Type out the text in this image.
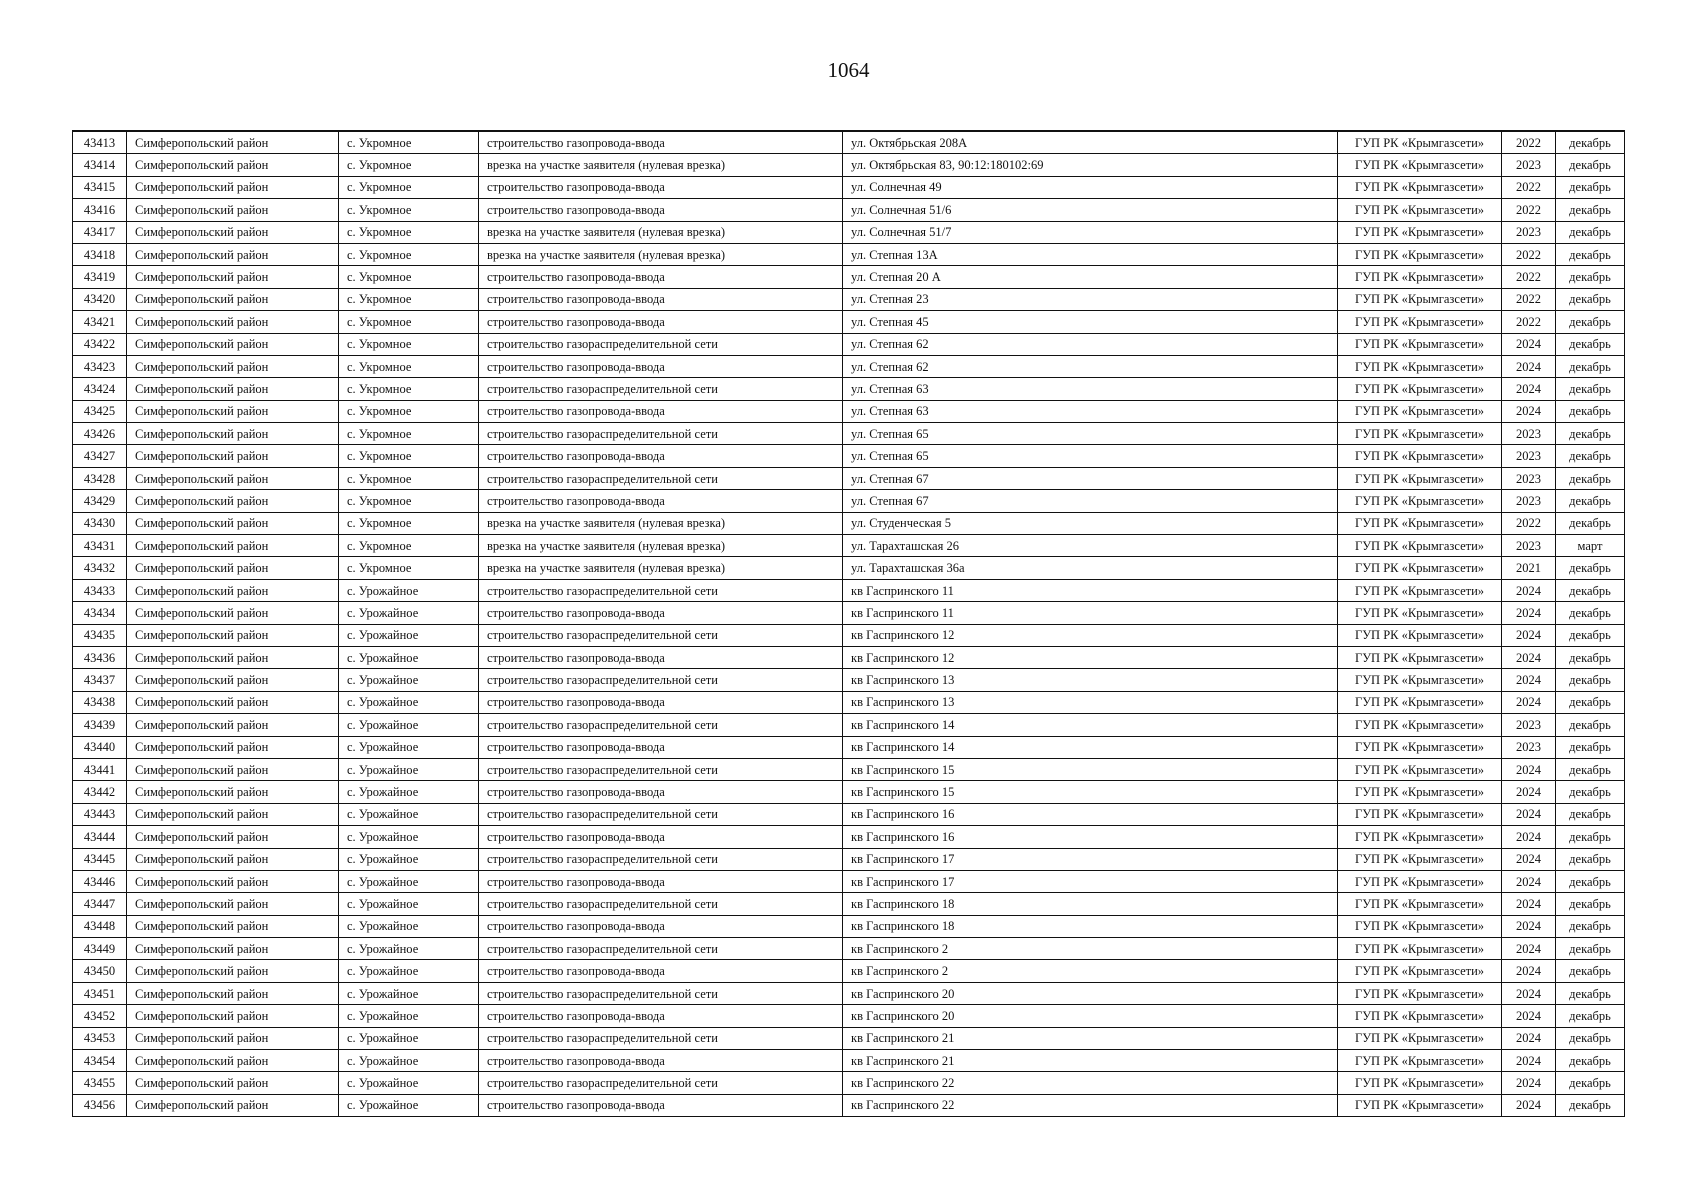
1064
43413	Симферопольский район	с. Укромное	строительство газопровода-ввода	ул. Октябрьская 208А	ГУП РК «Крымгазсети»	2022	декабрь
43414	Симферопольский район	с. Укромное	врезка на участке заявителя (нулевая врезка)	ул. Октябрьская 83, 90:12:180102:69	ГУП РК «Крымгазсети»	2023	декабрь
43415	Симферопольский район	с. Укромное	строительство газопровода-ввода	ул. Солнечная 49	ГУП РК «Крымгазсети»	2022	декабрь
43416	Симферопольский район	с. Укромное	строительство газопровода-ввода	ул. Солнечная 51/6	ГУП РК «Крымгазсети»	2022	декабрь
43417	Симферопольский район	с. Укромное	врезка на участке заявителя (нулевая врезка)	ул. Солнечная 51/7	ГУП РК «Крымгазсети»	2023	декабрь
43418	Симферопольский район	с. Укромное	врезка на участке заявителя (нулевая врезка)	ул. Степная 13А	ГУП РК «Крымгазсети»	2022	декабрь
43419	Симферопольский район	с. Укромное	строительство газопровода-ввода	ул. Степная 20 А	ГУП РК «Крымгазсети»	2022	декабрь
43420	Симферопольский район	с. Укромное	строительство газопровода-ввода	ул. Степная 23	ГУП РК «Крымгазсети»	2022	декабрь
43421	Симферопольский район	с. Укромное	строительство газопровода-ввода	ул. Степная 45	ГУП РК «Крымгазсети»	2022	декабрь
43422	Симферопольский район	с. Укромное	строительство газораспределительной сети	ул. Степная 62	ГУП РК «Крымгазсети»	2024	декабрь
43423	Симферопольский район	с. Укромное	строительство газопровода-ввода	ул. Степная 62	ГУП РК «Крымгазсети»	2024	декабрь
43424	Симферопольский район	с. Укромное	строительство газораспределительной сети	ул. Степная 63	ГУП РК «Крымгазсети»	2024	декабрь
43425	Симферопольский район	с. Укромное	строительство газопровода-ввода	ул. Степная 63	ГУП РК «Крымгазсети»	2024	декабрь
43426	Симферопольский район	с. Укромное	строительство газораспределительной сети	ул. Степная 65	ГУП РК «Крымгазсети»	2023	декабрь
43427	Симферопольский район	с. Укромное	строительство газопровода-ввода	ул. Степная 65	ГУП РК «Крымгазсети»	2023	декабрь
43428	Симферопольский район	с. Укромное	строительство газораспределительной сети	ул. Степная 67	ГУП РК «Крымгазсети»	2023	декабрь
43429	Симферопольский район	с. Укромное	строительство газопровода-ввода	ул. Степная 67	ГУП РК «Крымгазсети»	2023	декабрь
43430	Симферопольский район	с. Укромное	врезка на участке заявителя (нулевая врезка)	ул. Студенческая 5	ГУП РК «Крымгазсети»	2022	декабрь
43431	Симферопольский район	с. Укромное	врезка на участке заявителя (нулевая врезка)	ул. Тарахташская 26	ГУП РК «Крымгазсети»	2023	март
43432	Симферопольский район	с. Укромное	врезка на участке заявителя (нулевая врезка)	ул. Тарахташская 36а	ГУП РК «Крымгазсети»	2021	декабрь
43433	Симферопольский район	с. Урожайное	строительство газораспределительной сети	кв Гаспринского 11	ГУП РК «Крымгазсети»	2024	декабрь
43434	Симферопольский район	с. Урожайное	строительство газопровода-ввода	кв Гаспринского 11	ГУП РК «Крымгазсети»	2024	декабрь
43435	Симферопольский район	с. Урожайное	строительство газораспределительной сети	кв Гаспринского 12	ГУП РК «Крымгазсети»	2024	декабрь
43436	Симферопольский район	с. Урожайное	строительство газопровода-ввода	кв Гаспринского 12	ГУП РК «Крымгазсети»	2024	декабрь
43437	Симферопольский район	с. Урожайное	строительство газораспределительной сети	кв Гаспринского 13	ГУП РК «Крымгазсети»	2024	декабрь
43438	Симферопольский район	с. Урожайное	строительство газопровода-ввода	кв Гаспринского 13	ГУП РК «Крымгазсети»	2024	декабрь
43439	Симферопольский район	с. Урожайное	строительство газораспределительной сети	кв Гаспринского 14	ГУП РК «Крымгазсети»	2023	декабрь
43440	Симферопольский район	с. Урожайное	строительство газопровода-ввода	кв Гаспринского 14	ГУП РК «Крымгазсети»	2023	декабрь
43441	Симферопольский район	с. Урожайное	строительство газораспределительной сети	кв Гаспринского 15	ГУП РК «Крымгазсети»	2024	декабрь
43442	Симферопольский район	с. Урожайное	строительство газопровода-ввода	кв Гаспринского 15	ГУП РК «Крымгазсети»	2024	декабрь
43443	Симферопольский район	с. Урожайное	строительство газораспределительной сети	кв Гаспринского 16	ГУП РК «Крымгазсети»	2024	декабрь
43444	Симферопольский район	с. Урожайное	строительство газопровода-ввода	кв Гаспринского 16	ГУП РК «Крымгазсети»	2024	декабрь
43445	Симферопольский район	с. Урожайное	строительство газораспределительной сети	кв Гаспринского 17	ГУП РК «Крымгазсети»	2024	декабрь
43446	Симферопольский район	с. Урожайное	строительство газопровода-ввода	кв Гаспринского 17	ГУП РК «Крымгазсети»	2024	декабрь
43447	Симферопольский район	с. Урожайное	строительство газораспределительной сети	кв Гаспринского 18	ГУП РК «Крымгазсети»	2024	декабрь
43448	Симферопольский район	с. Урожайное	строительство газопровода-ввода	кв Гаспринского 18	ГУП РК «Крымгазсети»	2024	декабрь
43449	Симферопольский район	с. Урожайное	строительство газораспределительной сети	кв Гаспринского 2	ГУП РК «Крымгазсети»	2024	декабрь
43450	Симферопольский район	с. Урожайное	строительство газопровода-ввода	кв Гаспринского 2	ГУП РК «Крымгазсети»	2024	декабрь
43451	Симферопольский район	с. Урожайное	строительство газораспределительной сети	кв Гаспринского 20	ГУП РК «Крымгазсети»	2024	декабрь
43452	Симферопольский район	с. Урожайное	строительство газопровода-ввода	кв Гаспринского 20	ГУП РК «Крымгазсети»	2024	декабрь
43453	Симферопольский район	с. Урожайное	строительство газораспределительной сети	кв Гаспринского 21	ГУП РК «Крымгазсети»	2024	декабрь
43454	Симферопольский район	с. Урожайное	строительство газопровода-ввода	кв Гаспринского 21	ГУП РК «Крымгазсети»	2024	декабрь
43455	Симферопольский район	с. Урожайное	строительство газораспределительной сети	кв Гаспринского 22	ГУП РК «Крымгазсети»	2024	декабрь
43456	Симферопольский район	с. Урожайное	строительство газопровода-ввода	кв Гаспринского 22	ГУП РК «Крымгазсети»	2024	декабрь
